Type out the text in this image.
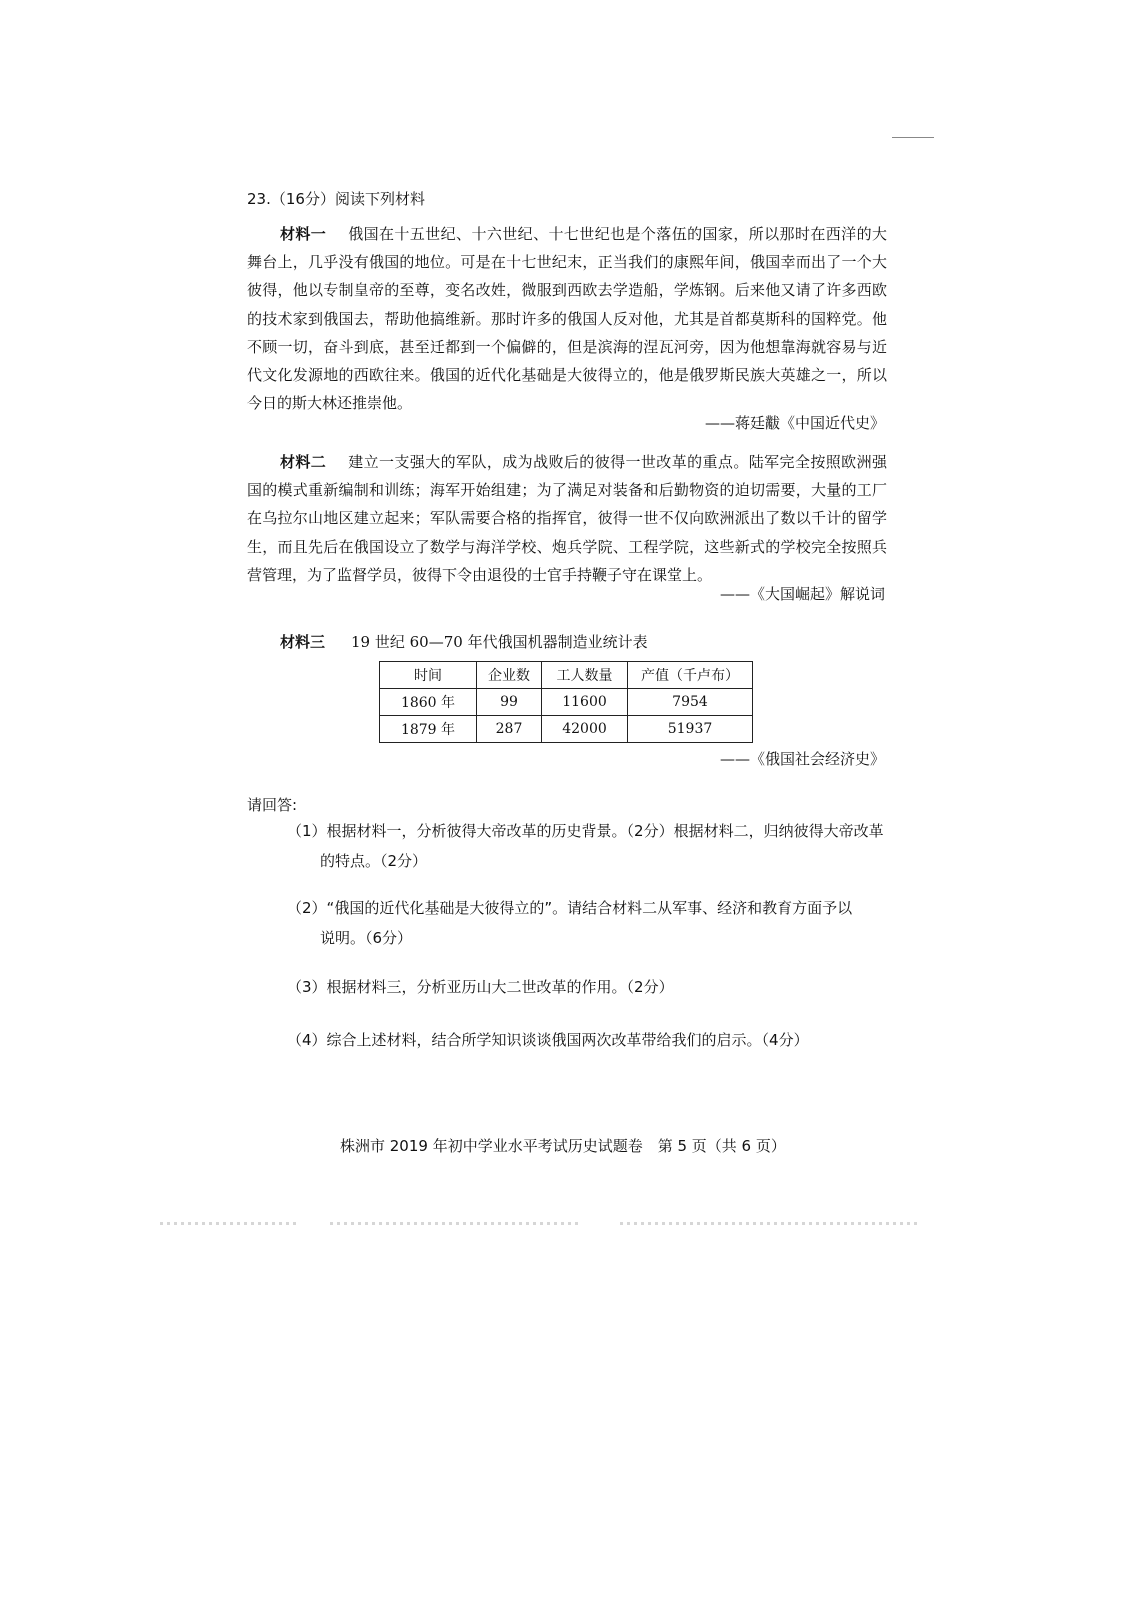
23.（16分）阅读下列材料
材料一 俄国在十五世纪、十六世纪、十七世纪也是个落伍的国家，所以那时在西洋的大舞台上，几乎没有俄国的地位。可是在十七世纪末，正当我们的康熙年间，俄国幸而出了一个大彼得，他以专制皇帝的至尊，变名改姓，微服到西欧去学造船，学炼钢。后来他又请了许多西欧的技术家到俄国去，帮助他搞维新。那时许多的俄国人反对他，尤其是首都莫斯科的国粹党。他不顾一切，奋斗到底，甚至迁都到一个偏僻的，但是滨海的涅瓦河旁，因为他想靠海就容易与近代文化发源地的西欧往来。俄国的近代化基础是大彼得立的，他是俄罗斯民族大英雄之一，所以今日的斯大林还推崇他。
——蒋廷黻《中国近代史》
材料二 建立一支强大的军队，成为战败后的彼得一世改革的重点。陆军完全按照欧洲强国的模式重新编制和训练；海军开始组建；为了满足对装备和后勤物资的迫切需要，大量的工厂在乌拉尔山地区建立起来；军队需要合格的指挥官，彼得一世不仅向欧洲派出了数以千计的留学生，而且先后在俄国设立了数学与海洋学校、炮兵学院、工程学院，这些新式的学校完全按照兵营管理，为了监督学员，彼得下令由退役的士官手持鞭子守在课堂上。
——《大国崛起》解说词
材料三 19 世纪 60—70 年代俄国机器制造业统计表
时间	企业数	工人数量	产值（千卢布）
1860 年	99	11600	7954
1879 年	287	42000	51937
——《俄国社会经济史》
请回答:
（1）根据材料一，分析彼得大帝改革的历史背景。（2分）根据材料二，归纳彼得大帝改革
的特点。（2分）
（2）“俄国的近代化基础是大彼得立的”。请结合材料二从军事、经济和教育方面予以
说明。（6分）
（3）根据材料三，分析亚历山大二世改革的作用。（2分）
（4）综合上述材料，结合所学知识谈谈俄国两次改革带给我们的启示。（4分）
株洲市 2019 年初中学业水平考试历史试题卷　第 5 页（共 6 页）
